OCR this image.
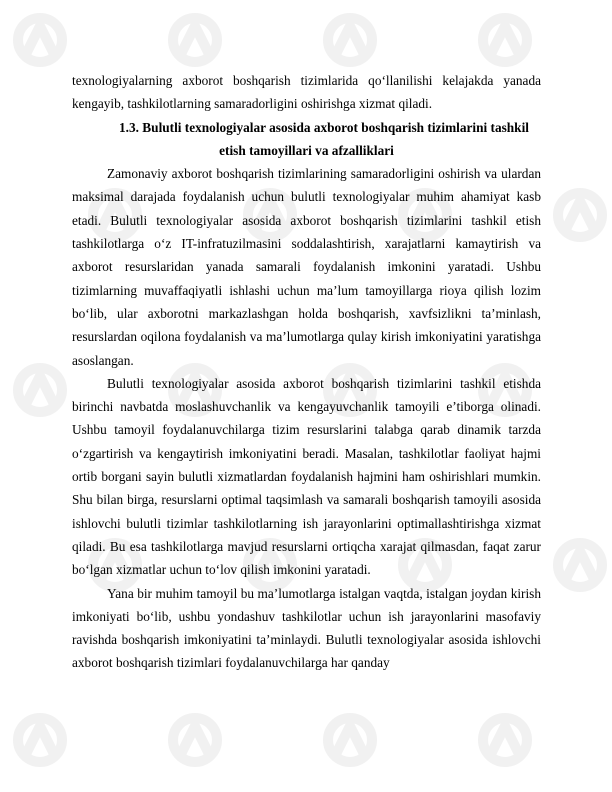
texnologiyalarning axborot boshqarish tizimlarida qo‘llanilishi kelajakda yanada kengayib, tashkilotlarning samaradorligini oshirishga xizmat qiladi.

1.3. Bulutli texnologiyalar asosida axborot boshqarish tizimlarini tashkil etish tamoyillari va afzalliklari

Zamonaviy axborot boshqarish tizimlarining samaradorligini oshirish va ulardan maksimal darajada foydalanish uchun bulutli texnologiyalar muhim ahamiyat kasb etadi. Bulutli texnologiyalar asosida axborot boshqarish tizimlarini tashkil etish tashkilotlarga o‘z IT-infratuzilmasini soddalashtirish, xarajatlarni kamaytirish va axborot resurslaridan yanada samarali foydalanish imkonini yaratadi. Ushbu tizimlarning muvaffaqiyatli ishlashi uchun ma’lum tamoyillarga rioya qilish lozim bo‘lib, ular axborotni markazlashgan holda boshqarish, xavfsizlikni ta’minlash, resurslardan oqilona foydalanish va ma’lumotlarga qulay kirish imkoniyatini yaratishga asoslangan.

Bulutli texnologiyalar asosida axborot boshqarish tizimlarini tashkil etishda birinchi navbatda moslashuvchanlik va kengayuvchanlik tamoyili e’tiborga olinadi. Ushbu tamoyil foydalanuvchilarga tizim resurslarini talabga qarab dinamik tarzda o‘zgartirish va kengaytirish imkoniyatini beradi. Masalan, tashkilotlar faoliyat hajmi ortib borgani sayin bulutli xizmatlardan foydalanish hajmini ham oshirishlari mumkin. Shu bilan birga, resurslarni optimal taqsimlash va samarali boshqarish tamoyili asosida ishlovchi bulutli tizimlar tashkilotlarning ish jarayonlarini optimallashtirishga xizmat qiladi. Bu esa tashkilotlarga mavjud resurslarni ortiqcha xarajat qilmasdan, faqat zarur bo‘lgan xizmatlar uchun to‘lov qilish imkonini yaratadi.

Yana bir muhim tamoyil bu ma’lumotlarga istalgan vaqtda, istalgan joydan kirish imkoniyati bo‘lib, ushbu yondashuv tashkilotlar uchun ish jarayonlarini masofaviy ravishda boshqarish imkoniyatini ta’minlaydi. Bulutli texnologiyalar asosida ishlovchi axborot boshqarish tizimlari foydalanuvchilarga har qanday
